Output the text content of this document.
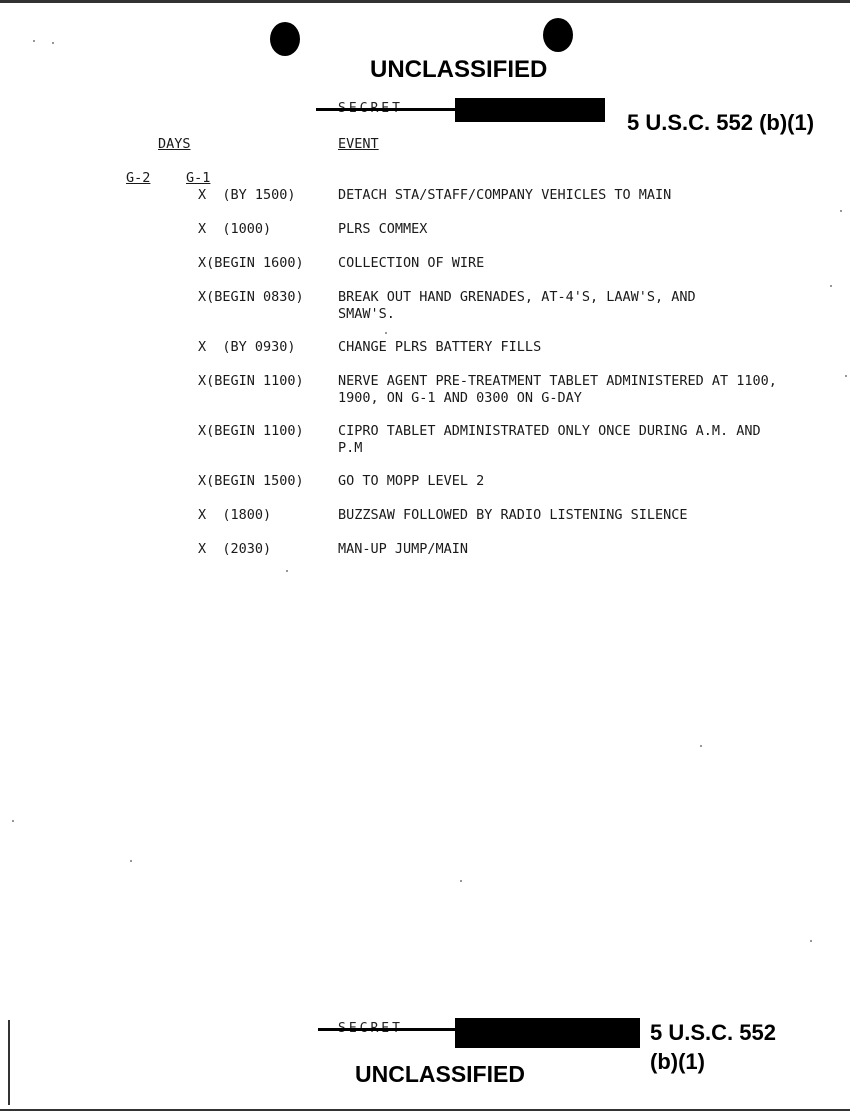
UNCLASSIFIED
5 U.S.C. 552 (b)(1)
DAYS	EVENT
G-2	G-1
X  (BY 1500)	DETACH STA/STAFF/COMPANY VEHICLES TO MAIN
X  (1000)	PLRS COMMEX
X(BEGIN 1600)	COLLECTION OF WIRE
X(BEGIN 0830)	BREAK OUT HAND GRENADES, AT-4'S, LAAW'S, AND SMAW'S.
X  (BY 0930)	CHANGE PLRS BATTERY FILLS
X(BEGIN 1100)	NERVE AGENT PRE-TREATMENT TABLET ADMINISTERED AT 1100, 1900, ON G-1 AND 0300 ON G-DAY
X(BEGIN 1100)	CIPRO TABLET ADMINISTRATED ONLY ONCE DURING A.M. AND P.M
X(BEGIN 1500)	GO TO MOPP LEVEL 2
X  (1800)	BUZZSAW FOLLOWED BY RADIO LISTENING SILENCE
X  (2030)	MAN-UP JUMP/MAIN
5 U.S.C. 552
(b)(1)
UNCLASSIFIED
